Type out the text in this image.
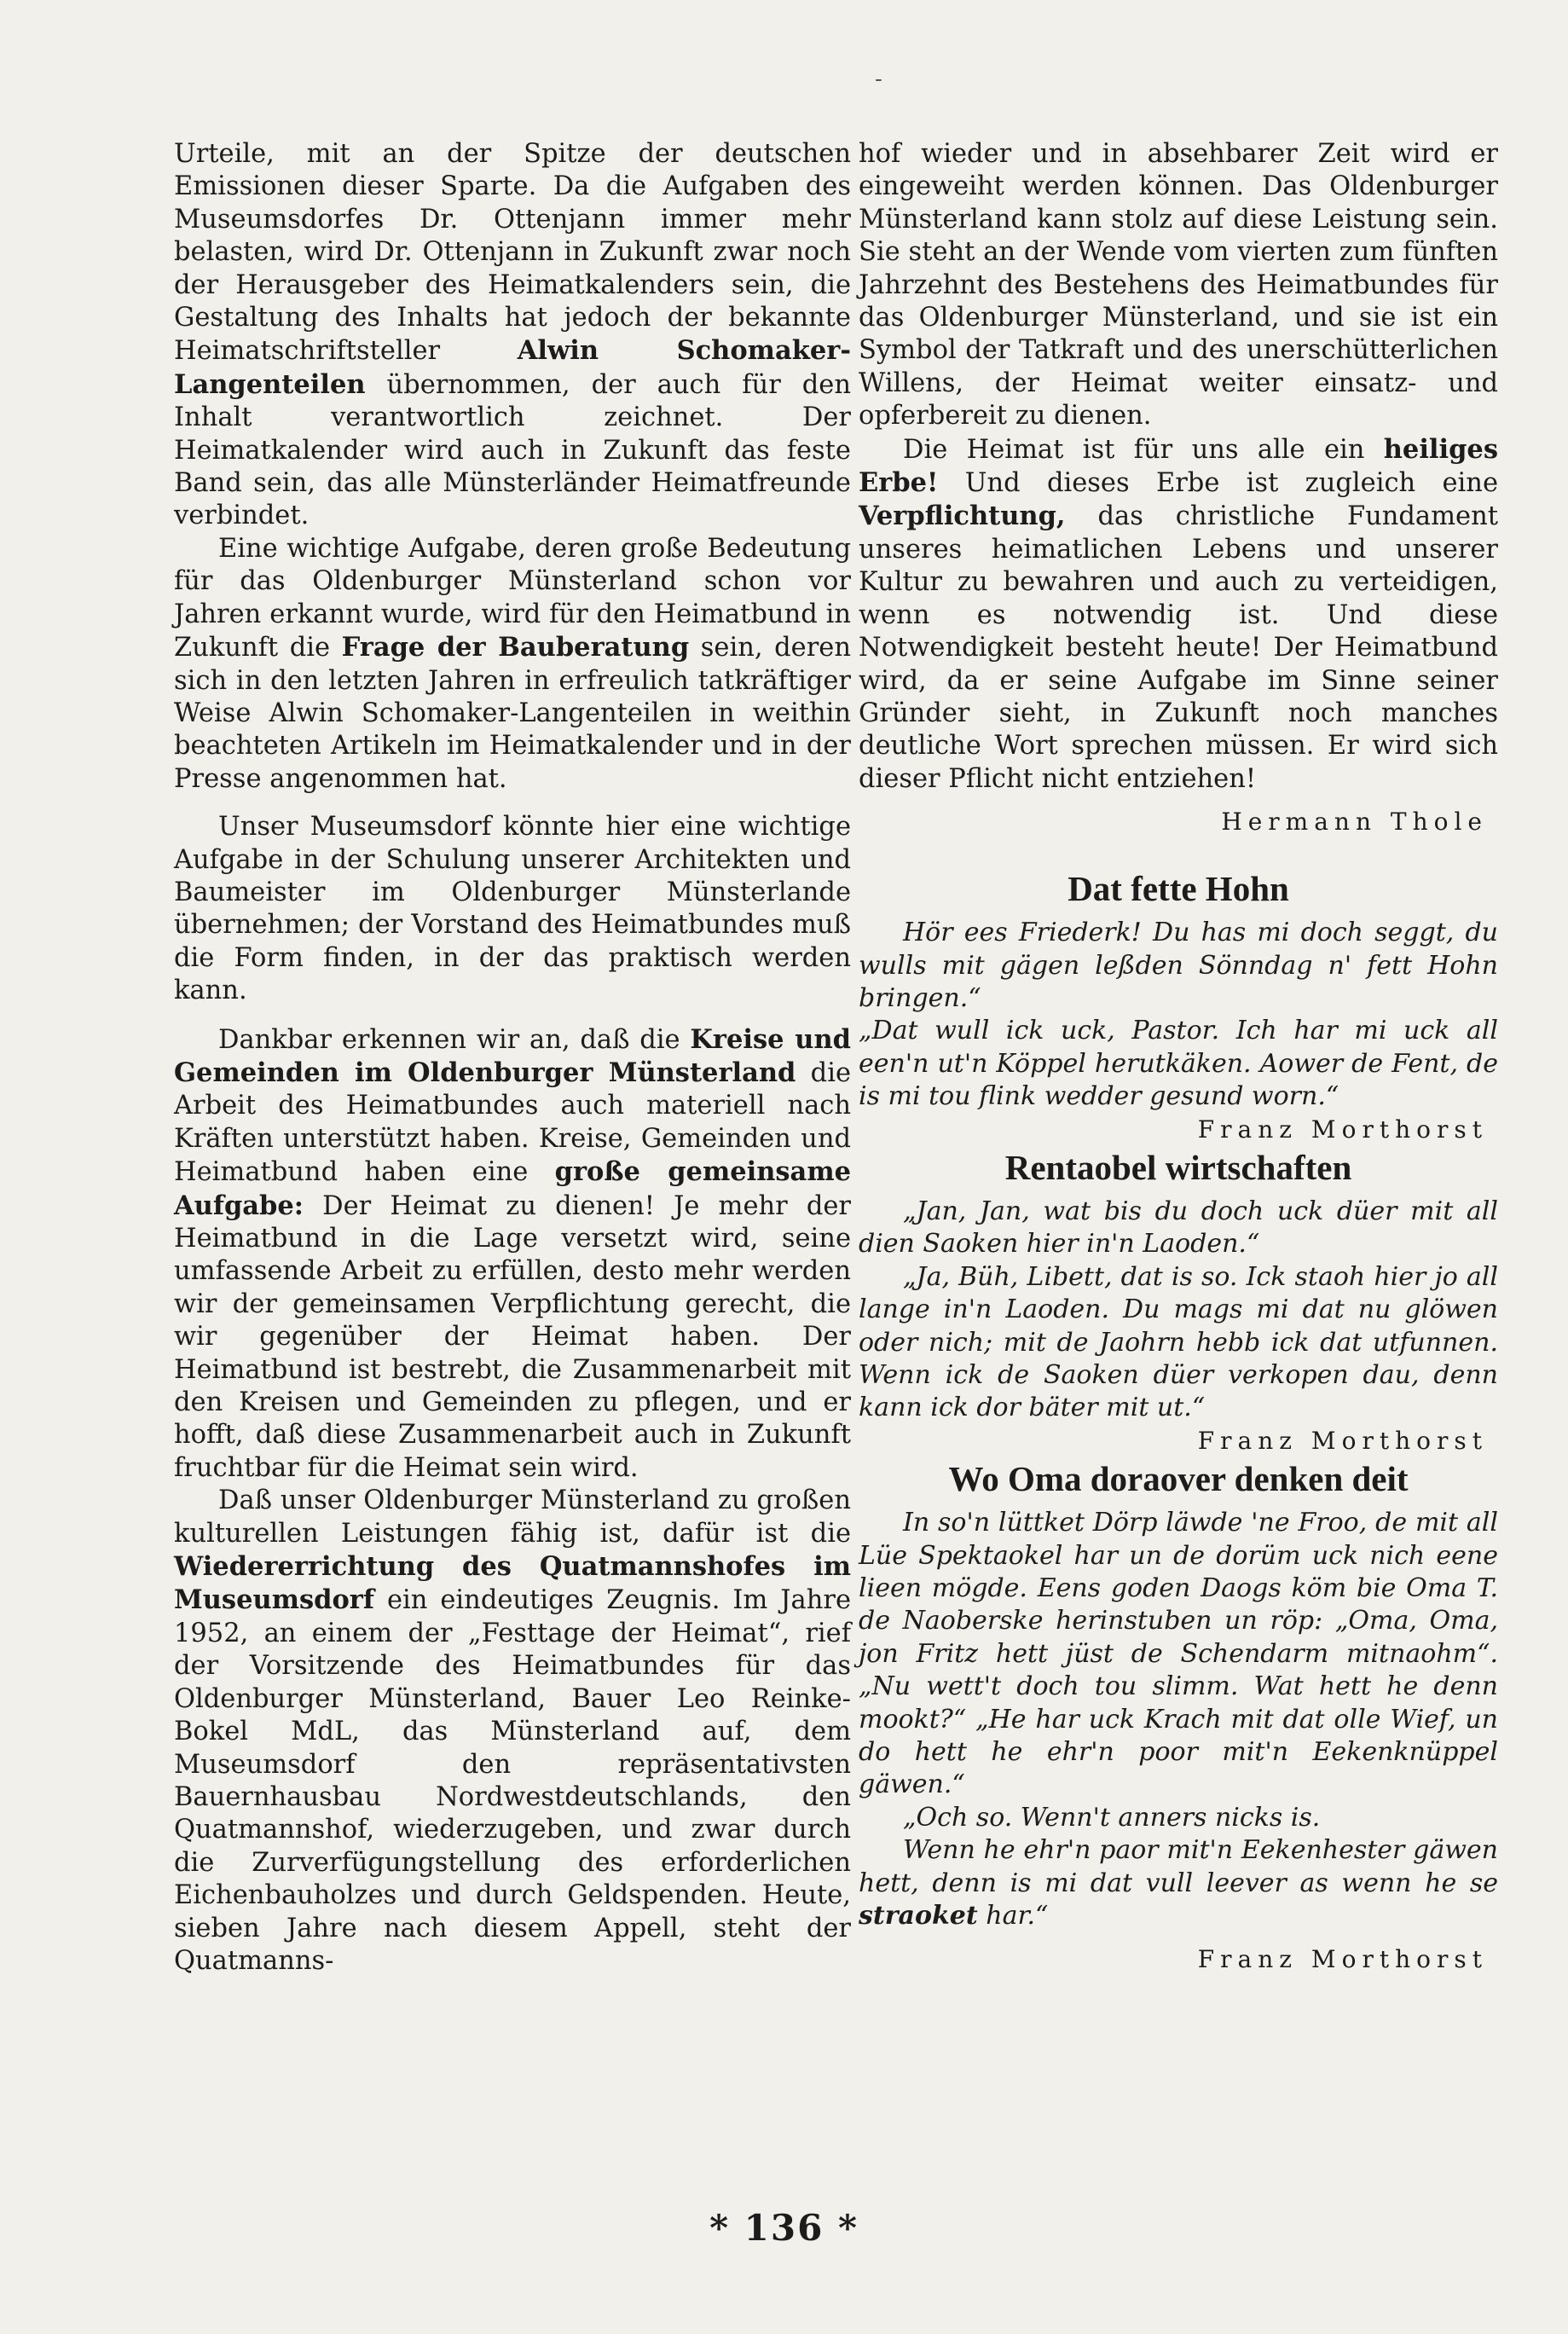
-

Urteile, mit an der Spitze der deutschen Emissionen dieser Sparte. Da die Aufgaben des Museumsdorfes Dr. Ottenjann immer mehr belasten, wird Dr. Ottenjann in Zukunft zwar noch der Herausgeber des Heimatkalenders sein, die Gestaltung des Inhalts hat jedoch der bekannte Heimatschriftsteller Alwin Schomaker-Langenteilen übernommen, der auch für den Inhalt verantwortlich zeichnet. Der Heimatkalender wird auch in Zukunft das feste Band sein, das alle Münsterländer Heimatfreunde verbindet.

Eine wichtige Aufgabe, deren große Bedeutung für das Oldenburger Münsterland schon vor Jahren erkannt wurde, wird für den Heimatbund in Zukunft die Frage der Bauberatung sein, deren sich in den letzten Jahren in erfreulich tatkräftiger Weise Alwin Schomaker-Langenteilen in weithin beachteten Artikeln im Heimatkalender und in der Presse angenommen hat.

Unser Museumsdorf könnte hier eine wichtige Aufgabe in der Schulung unserer Architekten und Baumeister im Oldenburger Münsterlande übernehmen; der Vorstand des Heimatbundes muß die Form finden, in der das praktisch werden kann.

Dankbar erkennen wir an, daß die Kreise und Gemeinden im Oldenburger Münsterland die Arbeit des Heimatbundes auch materiell nach Kräften unterstützt haben. Kreise, Gemeinden und Heimatbund haben eine große gemeinsame Aufgabe: Der Heimat zu dienen! Je mehr der Heimatbund in die Lage versetzt wird, seine umfassende Arbeit zu erfüllen, desto mehr werden wir der gemeinsamen Verpflichtung gerecht, die wir gegenüber der Heimat haben. Der Heimatbund ist bestrebt, die Zusammenarbeit mit den Kreisen und Gemeinden zu pflegen, und er hofft, daß diese Zusammenarbeit auch in Zukunft fruchtbar für die Heimat sein wird.

Daß unser Oldenburger Münsterland zu großen kulturellen Leistungen fähig ist, dafür ist die Wiedererrichtung des Quatmannshofes im Museumsdorf ein eindeutiges Zeugnis. Im Jahre 1952, an einem der „Festtage der Heimat“, rief der Vorsitzende des Heimatbundes für das Oldenburger Münsterland, Bauer Leo Reinke-Bokel MdL, das Münsterland auf, dem Museumsdorf den repräsentativsten Bauernhausbau Nordwestdeutschlands, den Quatmannshof, wiederzugeben, und zwar durch die Zurverfügungstellung des erforderlichen Eichenbauholzes und durch Geldspenden. Heute, sieben Jahre nach diesem Appell, steht der Quatmanns-

hof wieder und in absehbarer Zeit wird er eingeweiht werden können. Das Oldenburger Münsterland kann stolz auf diese Leistung sein. Sie steht an der Wende vom vierten zum fünften Jahrzehnt des Bestehens des Heimatbundes für das Oldenburger Münsterland, und sie ist ein Symbol der Tatkraft und des unerschütterlichen Willens, der Heimat weiter einsatz- und opferbereit zu dienen.

Die Heimat ist für uns alle ein heiliges Erbe! Und dieses Erbe ist zugleich eine Verpflichtung, das christliche Fundament unseres heimatlichen Lebens und unserer Kultur zu bewahren und auch zu verteidigen, wenn es notwendig ist. Und diese Notwendigkeit besteht heute! Der Heimatbund wird, da er seine Aufgabe im Sinne seiner Gründer sieht, in Zukunft noch manches deutliche Wort sprechen müssen. Er wird sich dieser Pflicht nicht entziehen!

Hermann Thole
Dat fette Hohn

Hör ees Friederk! Du has mi doch seggt, du wulls mit gägen leßden Sönndag n' fett Hohn bringen.“

„Dat wull ick uck, Pastor. Ich har mi uck all een'n ut'n Köppel herutkäken. Aower de Fent, de is mi tou flink wedder gesund worn.“
Franz Morthorst

Rentaobel wirtschaften

„Jan, Jan, wat bis du doch uck düer mit all dien Saoken hier in'n Laoden.“

„Ja, Büh, Libett, dat is so. Ick staoh hier jo all lange in'n Laoden. Du mags mi dat nu glöwen oder nich; mit de Jaohrn hebb ick dat utfunnen. Wenn ick de Saoken düer verkopen dau, denn kann ick dor bäter mit ut.“
Franz Morthorst

Wo Oma doraover denken deit

In so'n lüttket Dörp läwde 'ne Froo, de mit all Lüe Spektaokel har un de dorüm uck nich eene lieen mögde. Eens goden Daogs köm bie Oma T. de Naoberske herinstuben un röp: „Oma, Oma, jon Fritz hett jüst de Schendarm mitnaohm“. „Nu wett't doch tou slimm. Wat hett he denn mookt?“ „He har uck Krach mit dat olle Wief, un do hett he ehr'n poor mit'n Eekenknüppel gäwen.“

„Och so. Wenn't anners nicks is.

Wenn he ehr'n paor mit'n Eekenhester gäwen hett, denn is mi dat vull leever as wenn he se straoket har.“

Franz Morthorst
* 136 *
